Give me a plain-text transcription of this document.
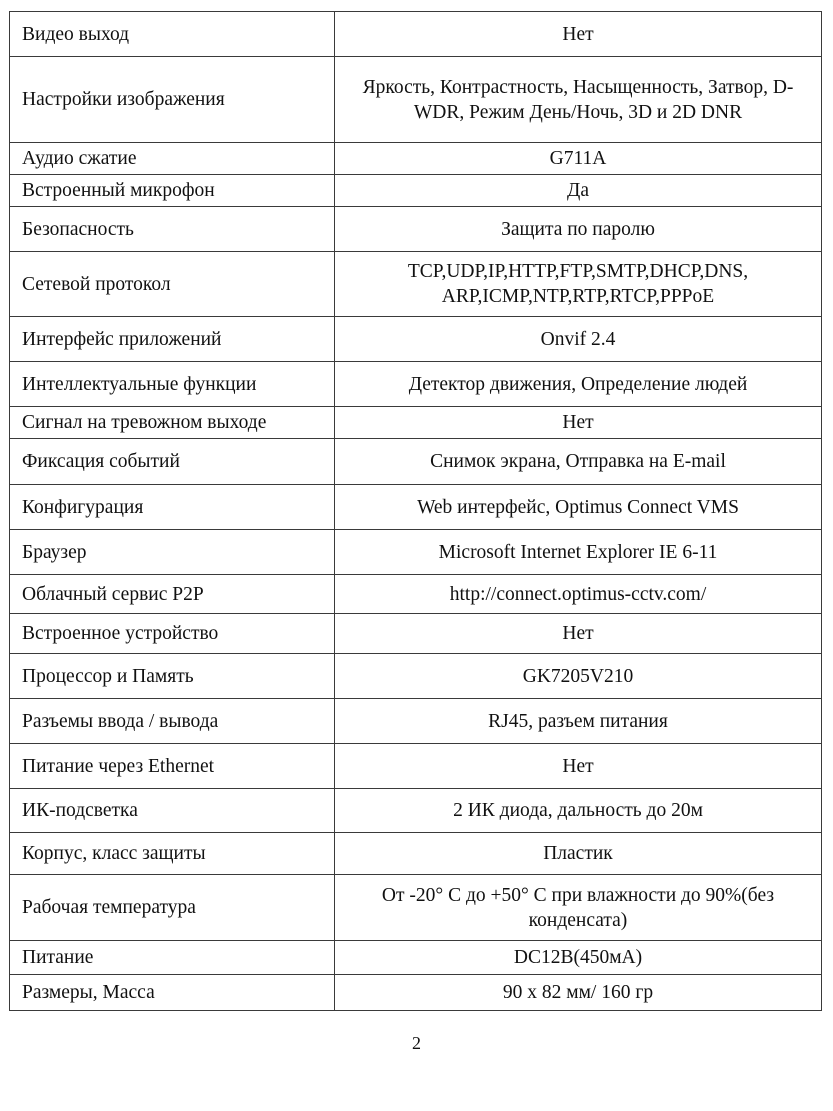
Видео выход	Нет
Настройки изображения	Яркость, Контрастность, Насыщенность, Затвор, D-WDR, Режим День/Ночь, 3D и 2D DNR
Аудио сжатие	G711A
Встроенный микрофон	Да
Безопасность	Защита по паролю
Сетевой протокол	TCP,UDP,IP,HTTP,FTP,SMTP,DHCP,DNS, ARP,ICMP,NTP,RTP,RTCP,PPPoE
Интерфейс приложений	Onvif 2.4
Интеллектуальные функции	Детектор движения, Определение людей
Сигнал на тревожном выходе	Нет
Фиксация событий	Снимок экрана, Отправка на E-mail
Конфигурация	Web интерфейс, Optimus Connect VMS
Браузер	Microsoft Internet Explorer IE 6-11
Облачный сервис P2P	http://connect.optimus-cctv.com/
Встроенное устройство	Нет
Процессор и Память	GK7205V210
Разъемы ввода / вывода	RJ45, разъем питания
Питание через Ethernet	Нет
ИК-подсветка	2 ИК диода, дальность до 20м
Корпус, класс защиты	Пластик
Рабочая температура	От -20° С до +50° С при влажности до 90%(без конденсата)
Питание	DC12В(450мА)
Размеры, Масса	90 х 82 мм/ 160 гр
2
